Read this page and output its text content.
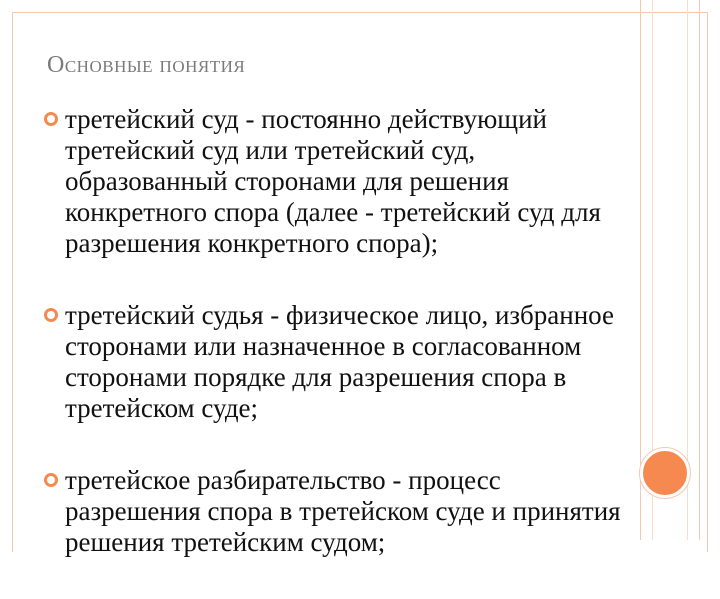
Основные понятия
третейский суд - постоянно действующий третейский суд или третейский суд, образованный сторонами для решения конкретного спора (далее - третейский суд для разрешения конкретного спора);
третейский судья - физическое лицо, избранное сторонами или назначенное в согласованном сторонами порядке для разрешения спора в третейском суде;
третейское разбирательство - процесс разрешения спора в третейском суде и принятия решения третейским судом;
